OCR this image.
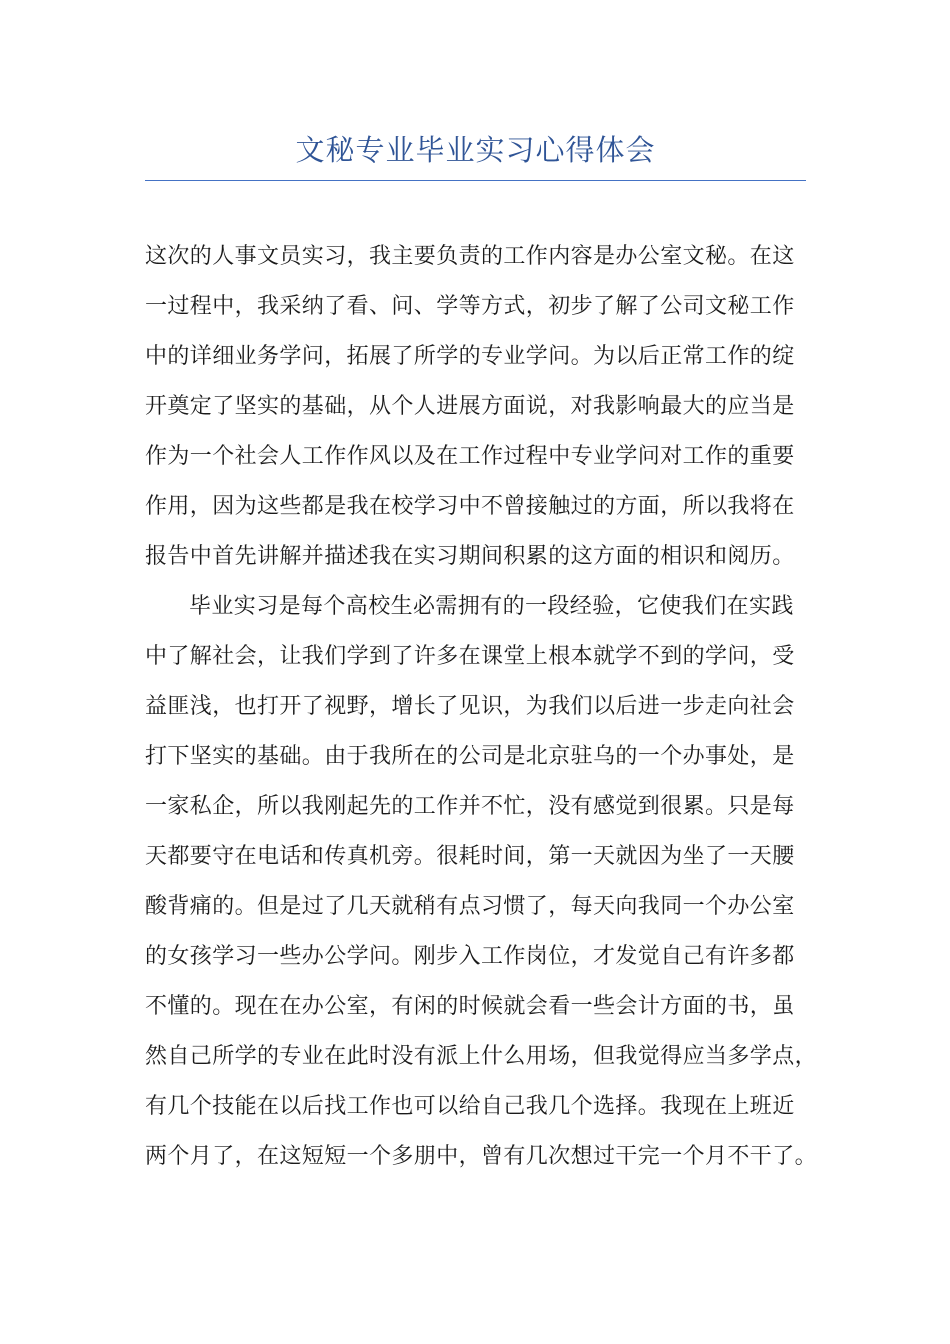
文秘专业毕业实习心得体会
这次的人事文员实习，我主要负责的工作内容是办公室文秘。在这
一过程中，我采纳了看、问、学等方式，初步了解了公司文秘工作
中的详细业务学问，拓展了所学的专业学问。为以后正常工作的绽
开奠定了坚实的基础，从个人进展方面说，对我影响最大的应当是
作为一个社会人工作作风以及在工作过程中专业学问对工作的重要
作用，因为这些都是我在校学习中不曾接触过的方面，所以我将在
报告中首先讲解并描述我在实习期间积累的这方面的相识和阅历。
毕业实习是每个高校生必需拥有的一段经验，它使我们在实践
中了解社会，让我们学到了许多在课堂上根本就学不到的学问，受
益匪浅，也打开了视野，增长了见识，为我们以后进一步走向社会
打下坚实的基础。由于我所在的公司是北京驻乌的一个办事处，是
一家私企，所以我刚起先的工作并不忙，没有感觉到很累。只是每
天都要守在电话和传真机旁。很耗时间，第一天就因为坐了一天腰
酸背痛的。但是过了几天就稍有点习惯了，每天向我同一个办公室
的女孩学习一些办公学问。刚步入工作岗位，才发觉自己有许多都
不懂的。现在在办公室，有闲的时候就会看一些会计方面的书，虽
然自己所学的专业在此时没有派上什么用场，但我觉得应当多学点，
有几个技能在以后找工作也可以给自己我几个选择。我现在上班近
两个月了，在这短短一个多朋中，曾有几次想过干完一个月不干了。
